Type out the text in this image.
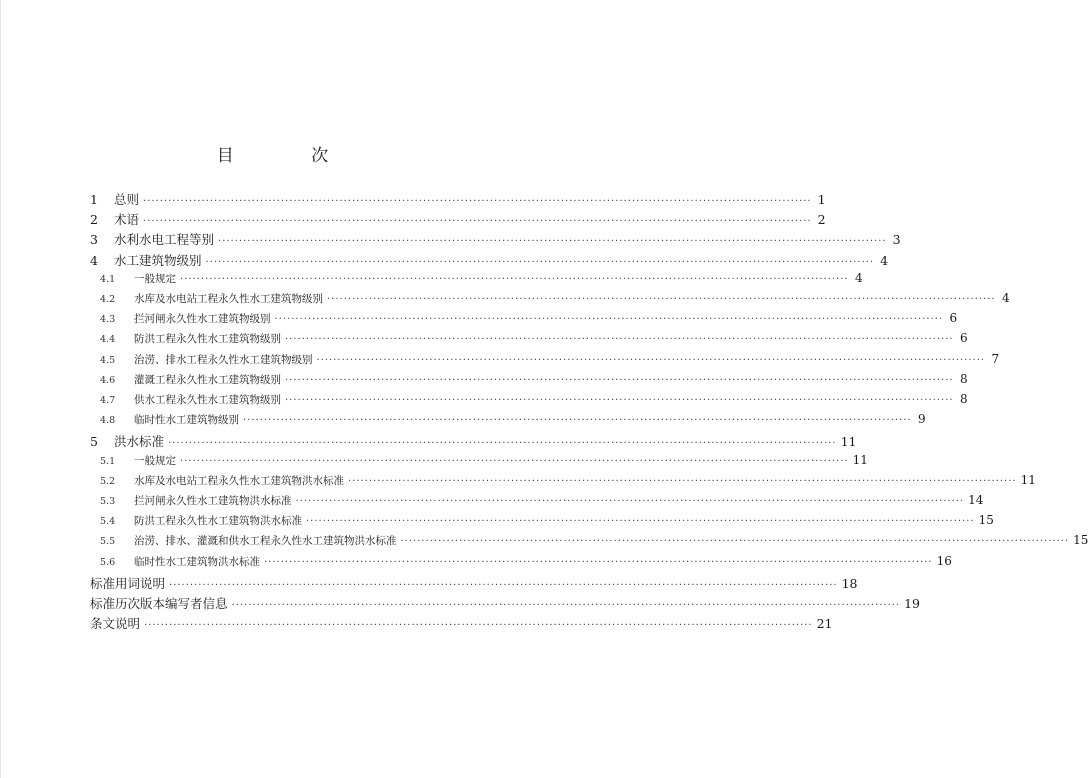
目 次
1	总则 ································································································································································ 1
2	术语 ································································································································································ 2
3	水利水电工程等别 ································································································································································ 3
4	水工建筑物级别 ································································································································································ 4
4.1	一般规定 ································································································································································ 4
4.2	水库及水电站工程永久性水工建筑物级别 ································································································································································ 4
4.3	拦河闸永久性水工建筑物级别 ································································································································································ 6
4.4	防洪工程永久性水工建筑物级别 ································································································································································ 6
4.5	治涝、排水工程永久性水工建筑物级别 ································································································································································ 7
4.6	灌溉工程永久性水工建筑物级别 ································································································································································ 8
4.7	供水工程永久性水工建筑物级别 ································································································································································ 8
4.8	临时性水工建筑物级别 ································································································································································ 9
5	洪水标准 ································································································································································ 11
5.1	一般规定 ································································································································································ 11
5.2	水库及水电站工程永久性水工建筑物洪水标准 ································································································································································ 11
5.3	拦河闸永久性水工建筑物洪水标准 ································································································································································ 14
5.4	防洪工程永久性水工建筑物洪水标准 ································································································································································ 15
5.5	治涝、排水、灌溉和供水工程永久性水工建筑物洪水标准 ································································································································································ 15
5.6	临时性水工建筑物洪水标准 ································································································································································ 16
标准用词说明 ································································································································································ 18
标准历次版本编写者信息 ································································································································································ 19
条文说明 ································································································································································ 21
